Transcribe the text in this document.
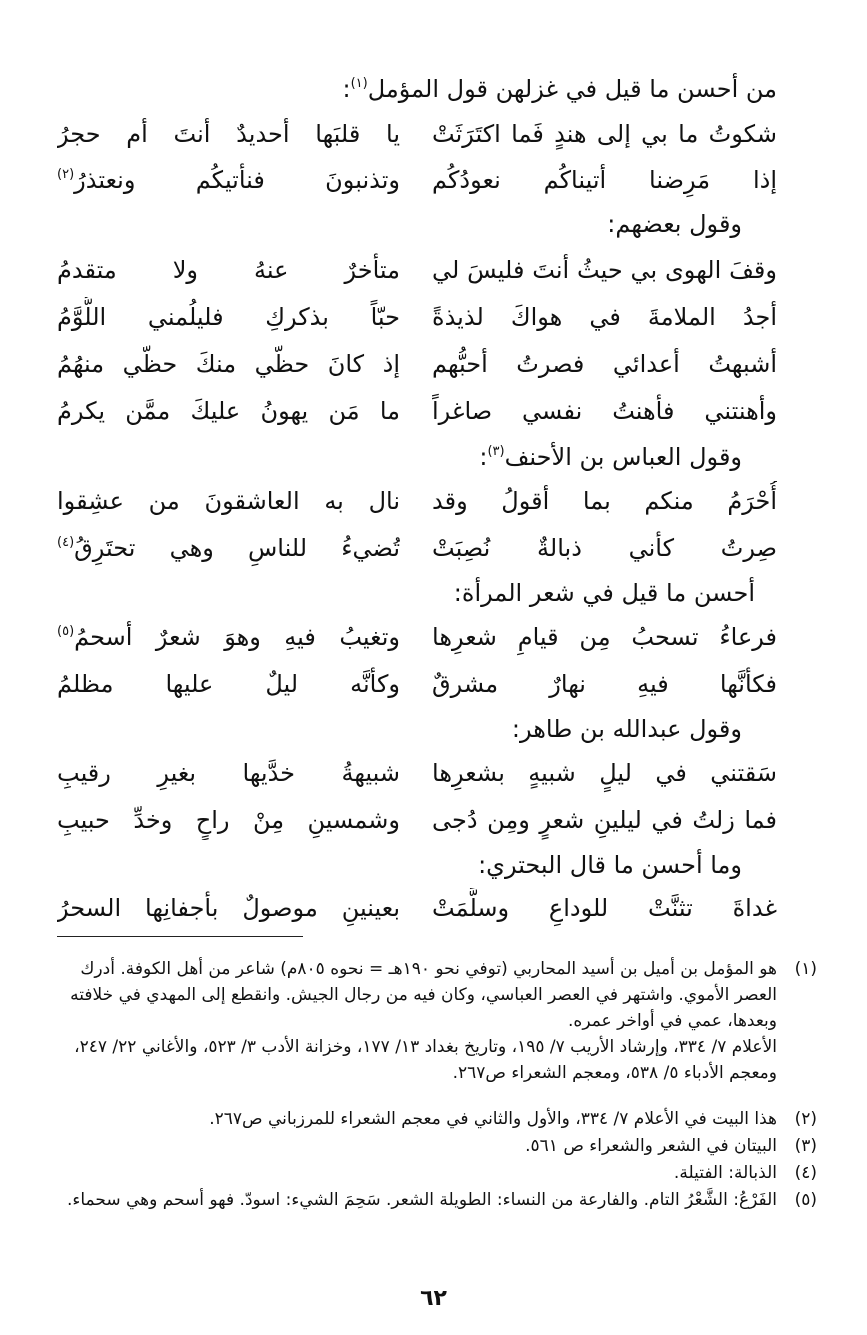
من أحسن ما قيل في غزلهن قول المؤمل$^{(١)}$:
شكوتُ ما بي إلى هندٍ فَما اكتَرَثَتْ
يا قلبَها أحديدٌ أنتَ أم حجرُ
إذا مَرِضنا أتيناكُم نعودُكُم
وتذنبونَ فنأتيكُم ونعتذرُ$^{(٢)}$
وقول بعضهم:
وقفَ الهوى بي حيثُ أنتَ فليسَ لي
متأخرٌ عنهُ ولا متقدمُ
أجدُ الملامةَ في هواكَ لذيذةً
حبّاً بذكركِ فليلُمني اللُّوَّمُ
أشبهتُ أعدائي فصرتُ أحبُّهم
إذ كانَ حظّي منكَ حظّي منهُمُ
وأهنتني فأهنتُ نفسي صاغراً
ما مَن يهونُ عليكَ ممَّن يكرمُ
وقول العباس بن الأحنف$^{(٣)}$:
أُحْرَمُ منكم بما أقولُ وقد
نال به العاشقونَ من عشِقوا
صِرتُ كأني ذبالةٌ نُصِبَتْ
تُضيءُ للناسِ وهي تحتَرِقُ$^{(٤)}$
أحسن ما قيل في شعر المرأة:
فرعاءُ تسحبُ مِن قيامِ شعرِها
وتغيبُ فيهِ وهوَ شعرٌ أسحمُ$^{(٥)}$
فكأنَّها فيهِ نهارٌ مشرقٌ
وكأنَّه ليلٌ عليها مظلمُ
وقول عبدالله بن طاهر:
سَقتني في ليلٍ شبيهٍ بشعرِها
شبيهةُ خدَّيها بغيرِ رقيبِ
فما زلتُ في ليلينِ شعرٍ ومِن دُجى
وشمسينِ مِنْ راحٍ وخدِّ حبيبِ
وما أحسن ما قال البحتري:
غداةَ تثنَّتْ للوداعِ وسلَّمَتْ
بعينينِ موصولٌ بأجفانِها السحرُ
(١)
هو المؤمل بن أميل بن أسيد المحاربي (توفي نحو ١٩٠هـ = نحوه ٨٠٥م) شاعر من أهل الكوفة. أدرك العصر الأموي. واشتهر في العصر العباسي، وكان فيه من رجال الجيش. وانقطع إلى المهدي في خلافته وبعدها، عمي في أواخر عمره.
الأعلام ٧/ ٣٣٤، وإرشاد الأريب ٧/ ١٩٥، وتاريخ بغداد ١٣/ ١٧٧، وخزانة الأدب ٣/ ٥٢٣، والأغاني ٢٢/ ٢٤٧، ومعجم الأدباء ٥/ ٥٣٨، ومعجم الشعراء ص٢٦٧.
(٢)
هذا البيت في الأعلام ٧/ ٣٣٤، والأول والثاني في معجم الشعراء للمرزباني ص٢٦٧.
(٣)
البيتان في الشعر والشعراء ص ٥٦١.
(٤)
الذبالة: الفتيلة.
(٥)
الفَرْعُ: الشَّعْرُ التام. والفارعة من النساء: الطويلة الشعر. سَحِمَ الشيء: اسودّ. فهو أسحم وهي سحماء.
٦٢
